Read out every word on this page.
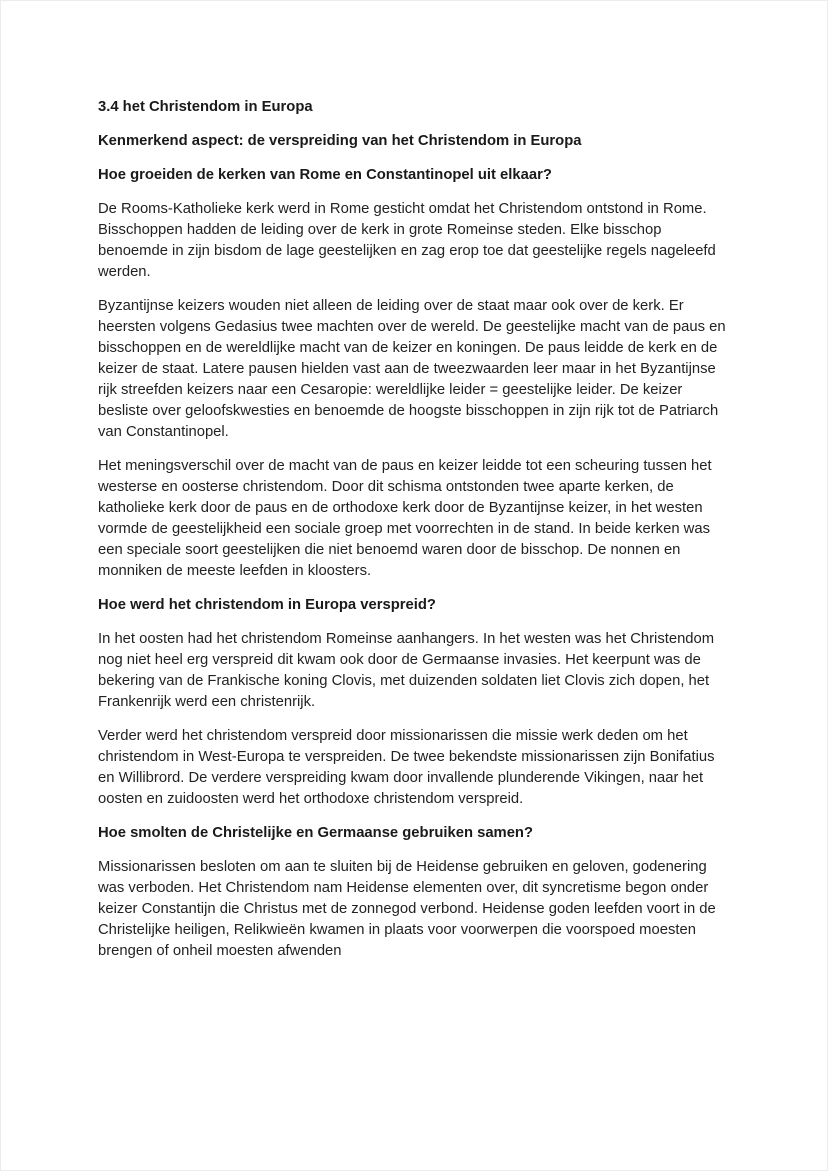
3.4 het Christendom in Europa

Kenmerkend aspect: de verspreiding van het Christendom in Europa

Hoe groeiden de kerken van Rome en Constantinopel uit elkaar?

De Rooms-Katholieke kerk werd in Rome gesticht omdat het Christendom ontstond in Rome. Bisschoppen hadden de leiding over de kerk in grote Romeinse steden. Elke bisschop benoemde in zijn bisdom de lage geestelijken en zag erop toe dat geestelijke regels nageleefd werden.

Byzantijnse keizers wouden niet alleen de leiding over de staat maar ook over de kerk. Er heersten volgens Gedasius twee machten over de wereld. De geestelijke macht van de paus en bisschoppen en de wereldlijke macht van de keizer en koningen. De paus leidde de kerk en de keizer de staat. Latere pausen hielden vast aan de tweezwaarden leer maar in het Byzantijnse rijk streefden keizers naar een Cesaropie: wereldlijke leider = geestelijke leider. De keizer besliste over geloofskwesties en benoemde de hoogste bisschoppen in zijn rijk tot de Patriarch van Constantinopel.

Het meningsverschil over de macht van de paus en keizer leidde tot een scheuring tussen het westerse en oosterse christendom. Door dit schisma ontstonden twee aparte kerken, de katholieke kerk door de paus en de orthodoxe kerk door de Byzantijnse keizer, in het westen vormde de geestelijkheid een sociale groep met voorrechten in de stand. In beide kerken was een speciale soort geestelijken die niet benoemd waren door de bisschop. De nonnen en monniken de meeste leefden in kloosters.

Hoe werd het christendom in Europa verspreid?

In het oosten had het christendom Romeinse aanhangers. In het westen was het Christendom nog niet heel erg verspreid dit kwam ook door de Germaanse invasies. Het keerpunt was de bekering van de Frankische koning Clovis, met duizenden soldaten liet Clovis zich dopen, het Frankenrijk werd een christenrijk.

Verder werd het christendom verspreid door missionarissen die missie werk deden om het christendom in West-Europa te verspreiden. De twee bekendste missionarissen zijn Bonifatius en Willibrord. De verdere verspreiding kwam door invallende plunderende Vikingen, naar het oosten en zuidoosten werd het orthodoxe christendom verspreid.

Hoe smolten de Christelijke en Germaanse gebruiken samen?

Missionarissen besloten om aan te sluiten bij de Heidense gebruiken en geloven, godenering was verboden. Het Christendom nam Heidense elementen over, dit syncretisme begon onder keizer Constantijn die Christus met de zonnegod verbond. Heidense goden leefden voort in de Christelijke heiligen, Relikwieën kwamen in plaats voor voorwerpen die voorspoed moesten brengen of onheil moesten afwenden
